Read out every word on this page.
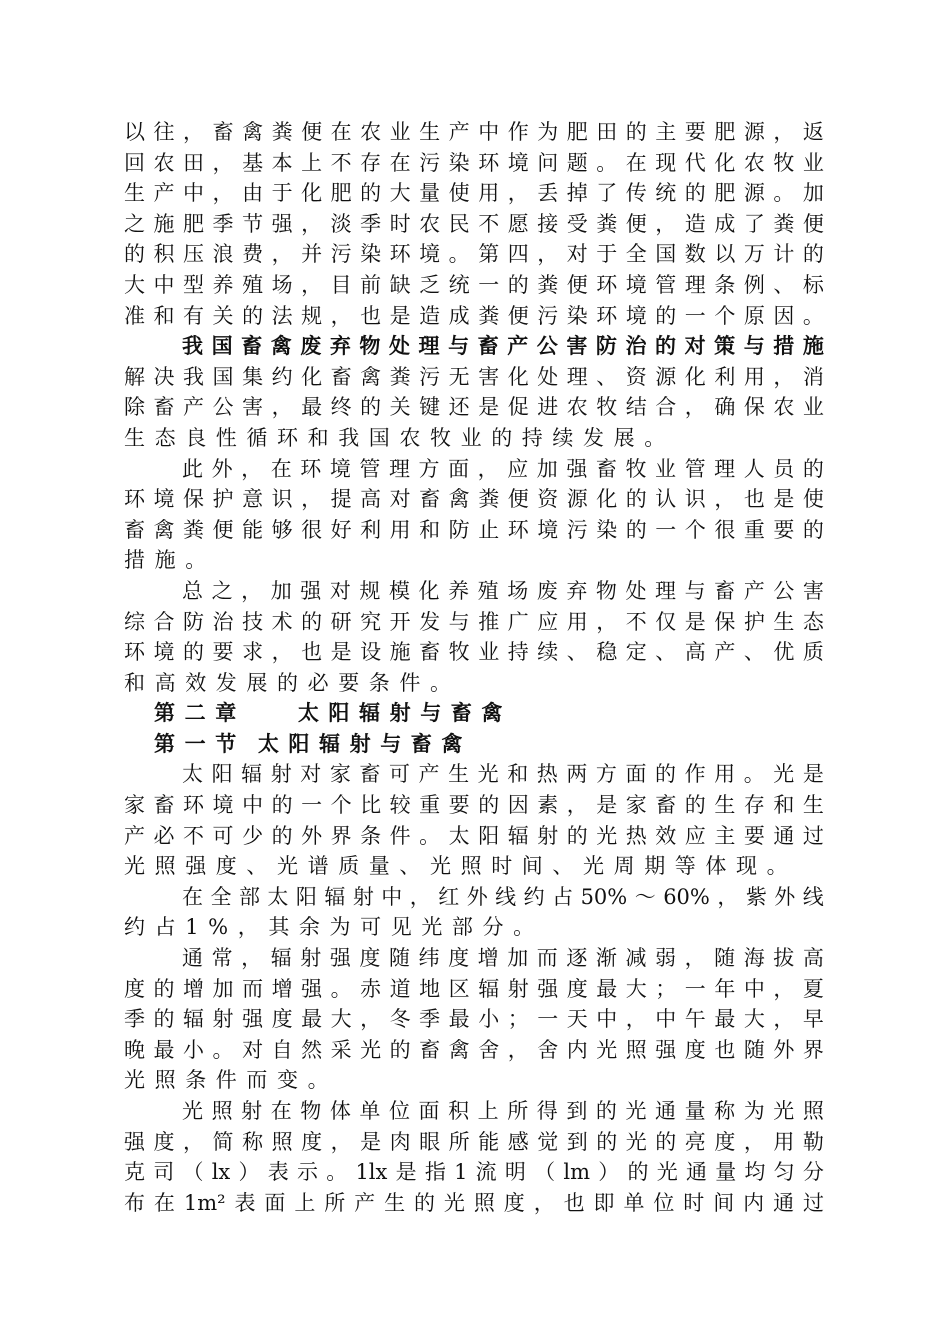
以 往 ， 畜 禽 粪 便 在 农 业 生 产 中 作 为 肥 田 的 主 要 肥 源 ， 返
回 农 田 ， 基 本 上 不 存 在 污 染 环 境 问 题 。 在 现 代 化 农 牧 业
生 产 中 ， 由 于 化 肥 的 大 量 使 用 ， 丢 掉 了 传 统 的 肥 源 。 加
之 施 肥 季 节 强 ， 淡 季 时 农 民 不 愿 接 受 粪 便 ， 造 成 了 粪 便
的 积 压 浪 费 ， 并 污 染 环 境 。 第 四 ， 对 于 全 国 数 以 万 计 的
大 中 型 养 殖 场 ， 目 前 缺 乏 统 一 的 粪 便 环 境 管 理 条 例 、 标
准 和 有 关 的 法 规 ， 也 是 造 成 粪 便 污 染 环 境 的 一 个 原 因 。
我 国 畜 禽 废 弃 物 处 理 与 畜 产 公 害 防 治 的 对 策 与 措 施
解 决 我 国 集 约 化 畜 禽 粪 污 无 害 化 处 理 、 资 源 化 利 用 ， 消
除 畜 产 公 害 ， 最 终 的 关 键 还 是 促 进 农 牧 结 合 ， 确 保 农 业
生态良性循环和我国农牧业的持续发展。
此 外 ， 在 环 境 管 理 方 面 ， 应 加 强 畜 牧 业 管 理 人 员 的
环 境 保 护 意 识 ， 提 高 对 畜 禽 粪 便 资 源 化 的 认 识 ， 也 是 使
畜 禽 粪 便 能 够 很 好 利 用 和 防 止 环 境 污 染 的 一 个 很 重 要 的
措施。
总 之 ， 加 强 对 规 模 化 养 殖 场 废 弃 物 处 理 与 畜 产 公 害
综 合 防 治 技 术 的 研 究 开 发 与 推 广 应 用 ， 不 仅 是 保 护 生 态
环 境 的 要 求 ， 也 是 设 施 畜 牧 业 持 续 、 稳 定 、 高 产 、 优 质
和高效发展的必要条件。
第二章 太阳辐射与畜禽
第一节 太阳辐射与畜禽
太 阳 辐 射 对 家 畜 可 产 生 光 和 热 两 方 面 的 作 用 。 光 是
家 畜 环 境 中 的 一 个 比 较 重 要 的 因 素 ， 是 家 畜 的 生 存 和 生
产 必 不 可 少 的 外 界 条 件 。 太 阳 辐 射 的 光 热 效 应 主 要 通 过
光照强度、光谱质量、光照时间、光周期等体现。
在 全 部 太 阳 辐 射 中 ， 红 外 线 约 占 50% ～ 60% ， 紫 外 线
约占1%，其余为可见光部分。
通 常 ， 辐 射 强 度 随 纬 度 增 加 而 逐 渐 减 弱 ， 随 海 拔 高
度 的 增 加 而 增 强 。 赤 道 地 区 辐 射 强 度 最 大 ； 一 年 中 ， 夏
季 的 辐 射 强 度 最 大 ， 冬 季 最 小 ； 一 天 中 ， 中 午 最 大 ， 早
晚 最 小 。 对 自 然 采 光 的 畜 禽 舍 ， 舍 内 光 照 强 度 也 随 外 界
光照条件而变。
光 照 射 在 物 体 单 位 面 积 上 所 得 到 的 光 通 量 称 为 光 照
强 度 ， 简 称 照 度 ， 是 肉 眼 所 能 感 觉 到 的 光 的 亮 度 ， 用 勒
克 司 （ lx ） 表 示 。 1lx 是 指 1 流 明 （ lm ） 的 光 通 量 均 匀 分
布 在 1m² 表 面 上 所 产 生 的 光 照 度 ， 也 即 单 位 时 间 内 通 过
